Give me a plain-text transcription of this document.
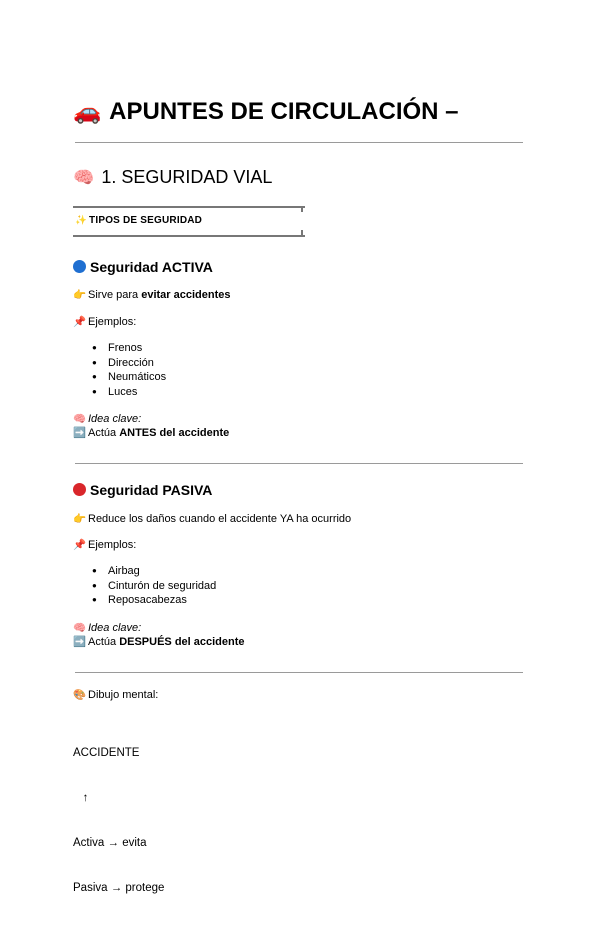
🚗 APUNTES DE CIRCULACIÓN –
🧠 1. SEGURIDAD VIAL
✨ TIPOS DE SEGURIDAD
Seguridad ACTIVA
👉 Sirve para evitar accidentes
📌 Ejemplos:
● Frenos
● Dirección
● Neumáticos
● Luces
🧠 Idea clave:
➡️ Actúa ANTES del accidente
Seguridad PASIVA
👉 Reduce los daños cuando el accidente YA ha ocurrido
📌 Ejemplos:
● Airbag
● Cinturón de seguridad
● Reposacabezas
🧠 Idea clave:
➡️ Actúa DESPUÉS del accidente
🎨 Dibujo mental:

ACCIDENTE

↑

Activa → evita

Pasiva → protege
